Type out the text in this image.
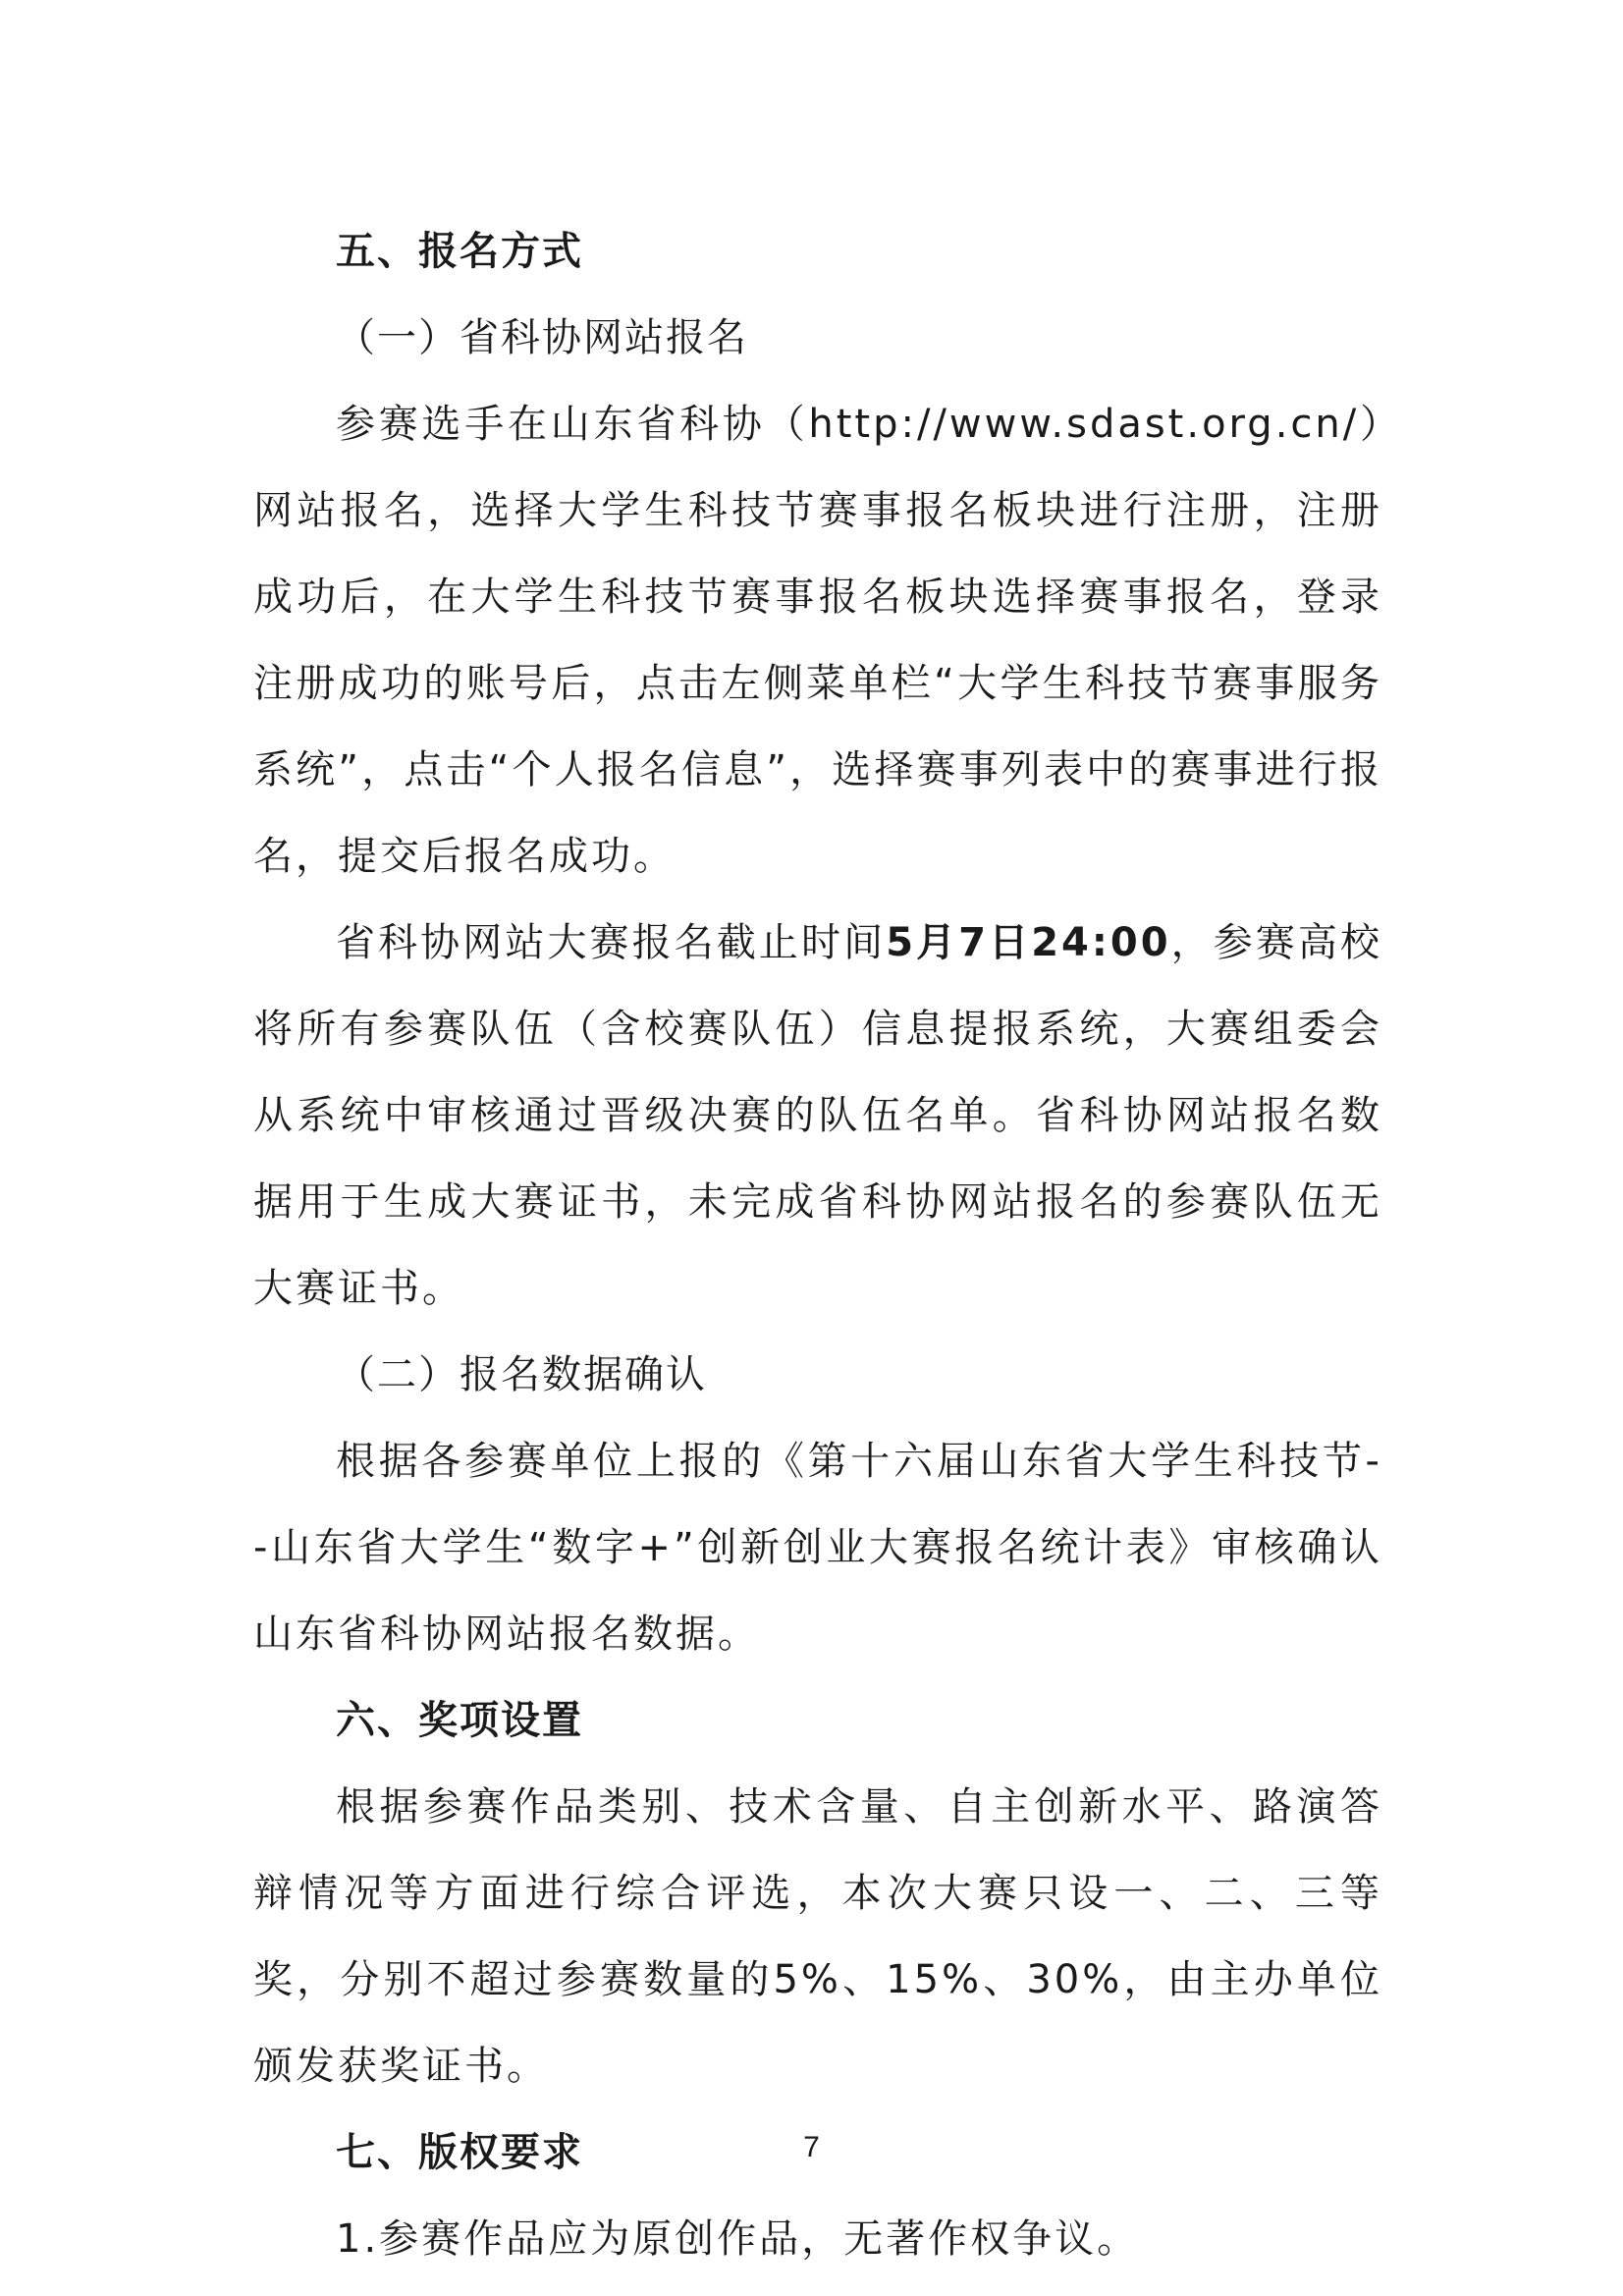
五、报名方式
（一）省科协网站报名

参赛选手在山东省科协（http://www.sdast.org.cn/）网站报名，选择大学生科技节赛事报名板块进行注册，注册成功后，在大学生科技节赛事报名板块选择赛事报名，登录注册成功的账号后，点击左侧菜单栏“大学生科技节赛事服务系统”，点击“个人报名信息”，选择赛事列表中的赛事进行报名，提交后报名成功。

省科协网站大赛报名截止时间5月7日24:00，参赛高校将所有参赛队伍（含校赛队伍）信息提报系统，大赛组委会从系统中审核通过晋级决赛的队伍名单。省科协网站报名数据用于生成大赛证书，未完成省科协网站报名的参赛队伍无大赛证书。

（二）报名数据确认

根据各参赛单位上报的《第十六届山东省大学生科技节--山东省大学生“数字+”创新创业大赛报名统计表》审核确认山东省科协网站报名数据。

六、奖项设置

根据参赛作品类别、技术含量、自主创新水平、路演答辩情况等方面进行综合评选，本次大赛只设一、二、三等奖，分别不超过参赛数量的5%、15%、30%，由主办单位颁发获奖证书。

七、版权要求

1.参赛作品应为原创作品，无著作权争议。

7
